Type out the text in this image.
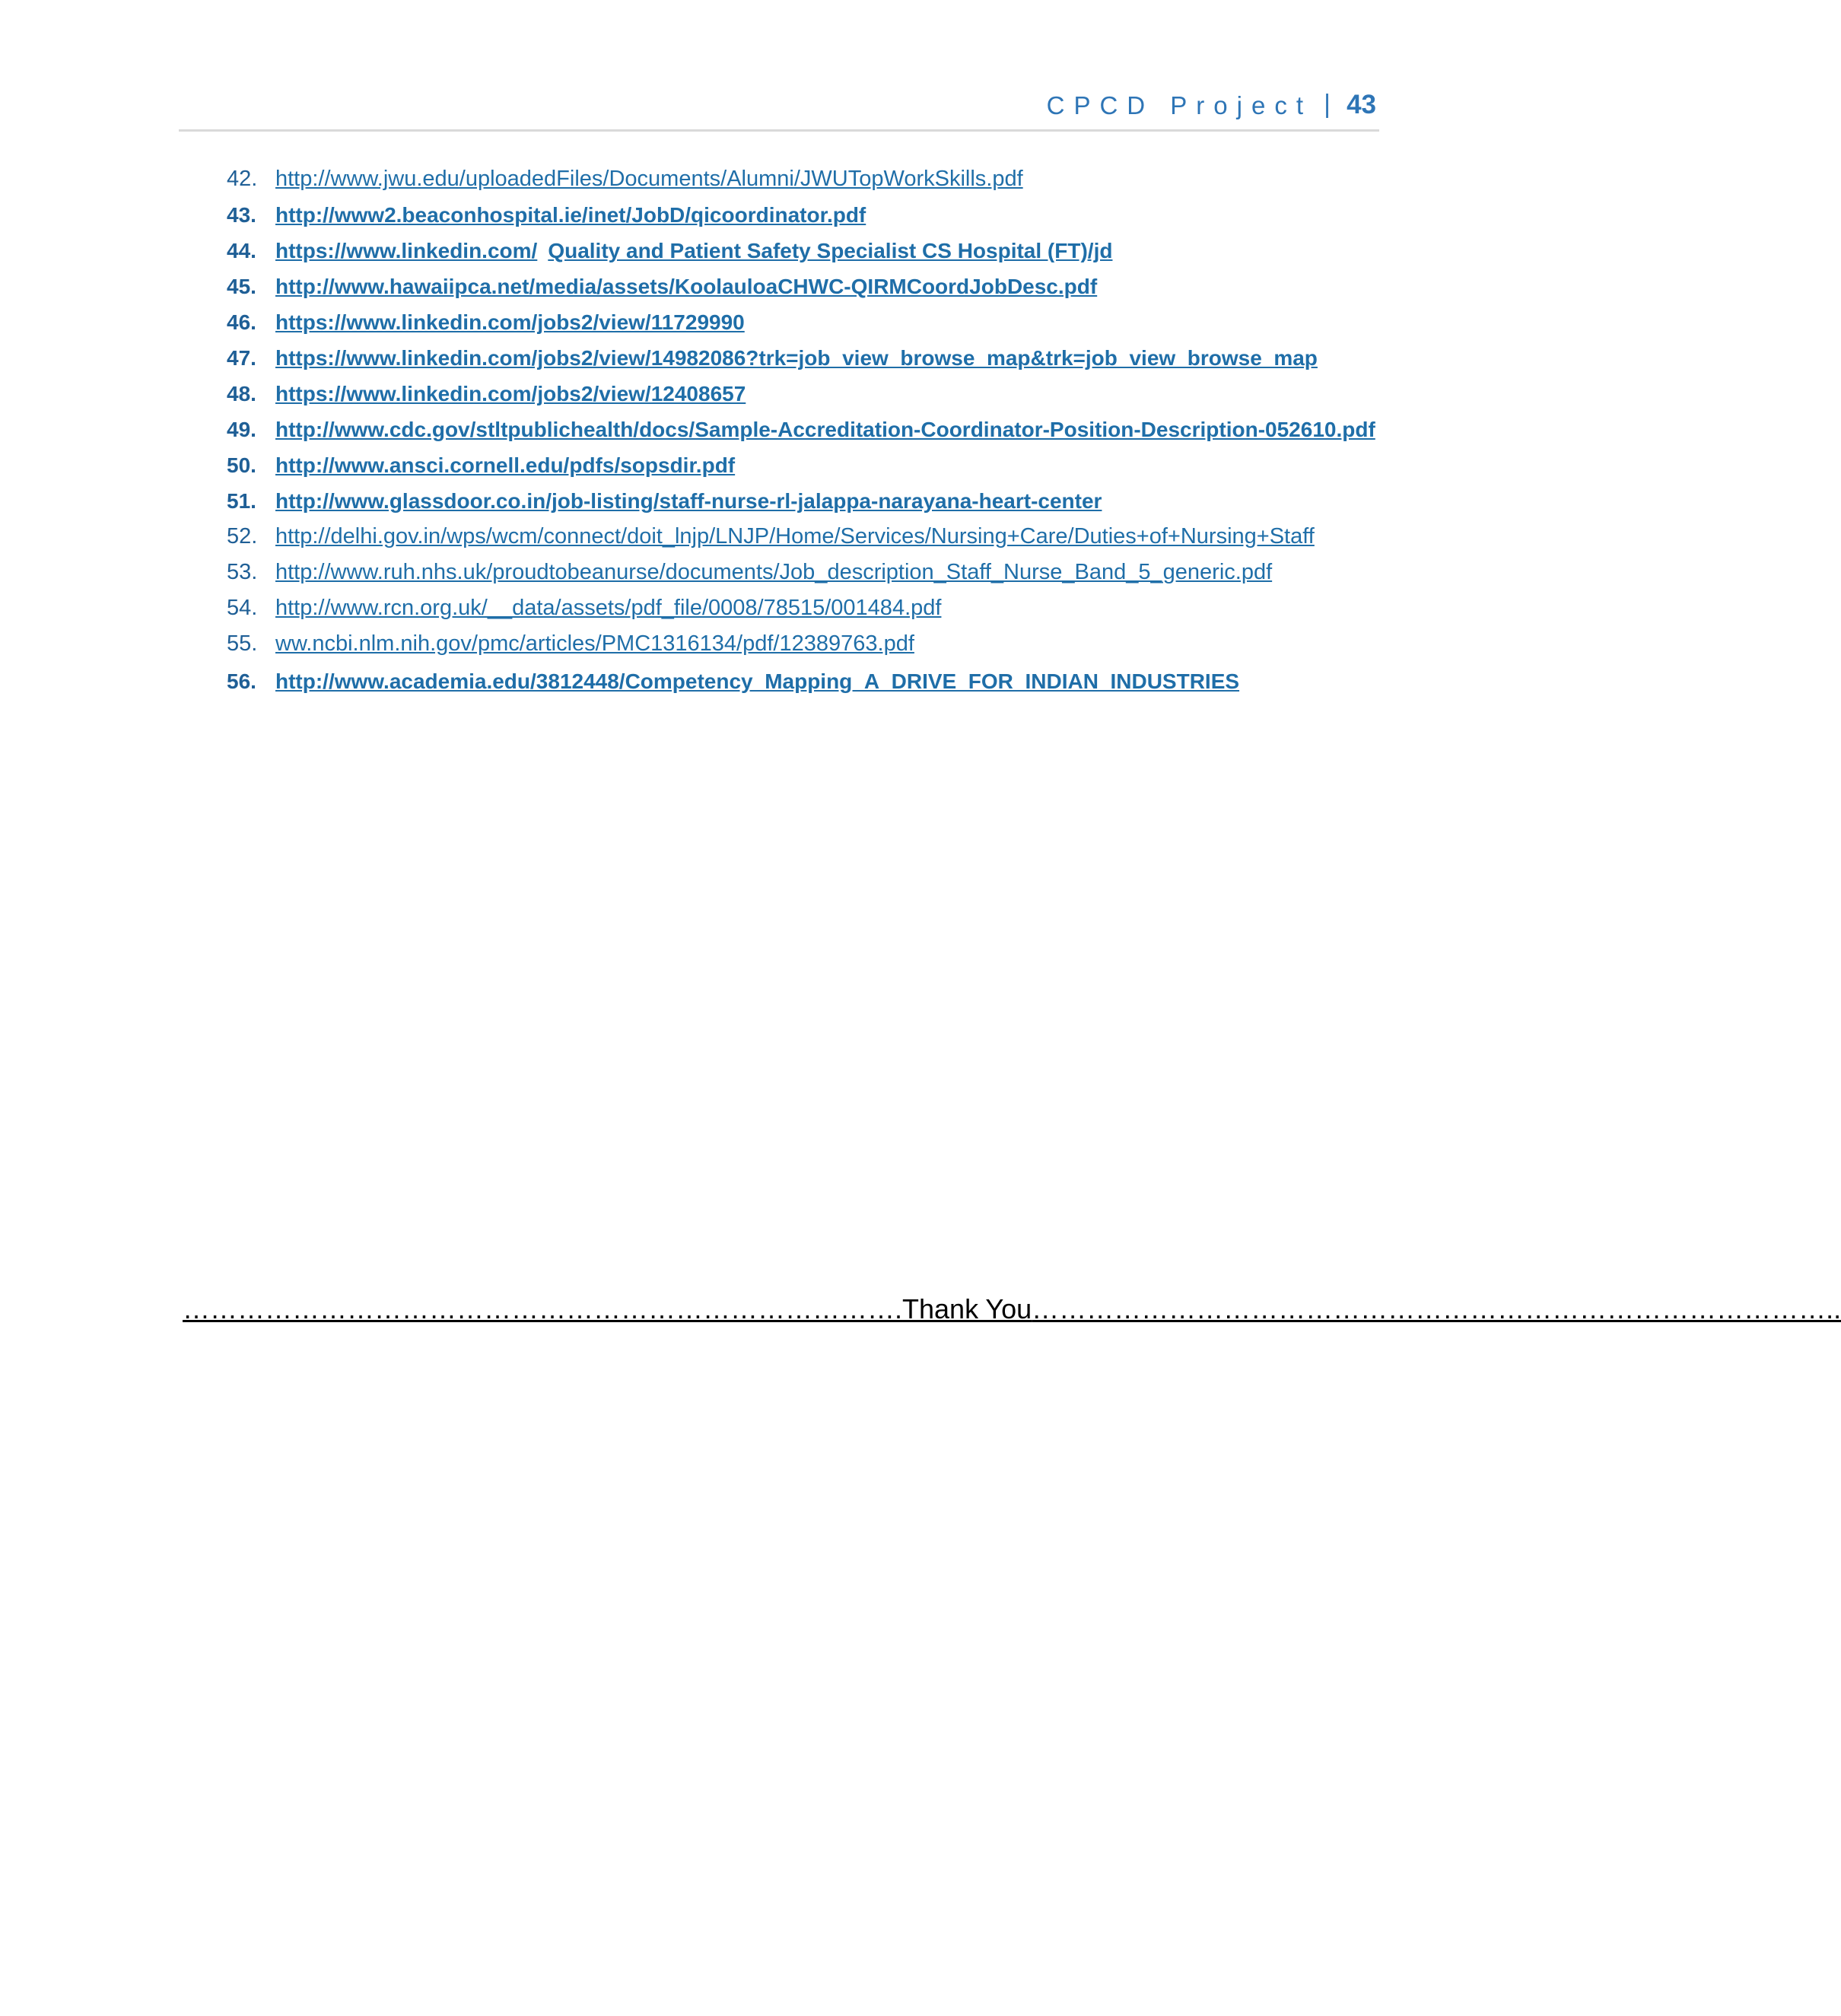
CPCD Project | 43
42. http://www.jwu.edu/uploadedFiles/Documents/Alumni/JWUTopWorkSkills.pdf
43. http://www2.beaconhospital.ie/inet/JobD/qicoordinator.pdf
44. https://www.linkedin.com/ Quality and Patient Safety Specialist CS Hospital (FT)/jd
45. http://www.hawaiipca.net/media/assets/KoolauloaCHWC-QIRMCoordJobDesc.pdf
46. https://www.linkedin.com/jobs2/view/11729990
47. https://www.linkedin.com/jobs2/view/14982086?trk=job_view_browse_map&trk=job_view_browse_map
48. https://www.linkedin.com/jobs2/view/12408657
49. http://www.cdc.gov/stltpublichealth/docs/Sample-Accreditation-Coordinator-Position-Description-052610.pdf
50. http://www.ansci.cornell.edu/pdfs/sopsdir.pdf
51. http://www.glassdoor.co.in/job-listing/staff-nurse-rl-jalappa-narayana-heart-center
52. http://delhi.gov.in/wps/wcm/connect/doit_lnjp/LNJP/Home/Services/Nursing+Care/Duties+of+Nursing+Staff
53. http://www.ruh.nhs.uk/proudtobeanurse/documents/Job_description_Staff_Nurse_Band_5_generic.pdf
54. http://www.rcn.org.uk/__data/assets/pdf_file/0008/78515/001484.pdf
55. ww.ncbi.nlm.nih.gov/pmc/articles/PMC1316134/pdf/12389763.pdf
56. http://www.academia.edu/3812448/Competency_Mapping_A_DRIVE_FOR_INDIAN_INDUSTRIES
…………………………………………………………………….Thank You……………………………………………………………………………..
